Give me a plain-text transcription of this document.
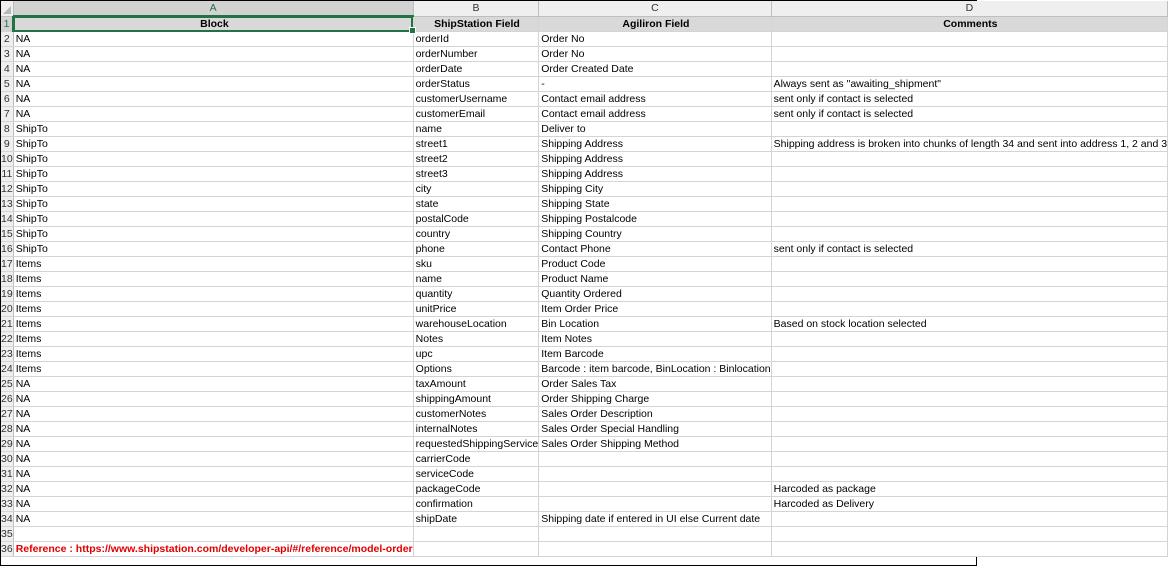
	A	B	C	D
1	Block	ShipStation Field	Agiliron Field	Comments
2	NA	orderId	Order No	
3	NA	orderNumber	Order No	
4	NA	orderDate	Order Created Date	
5	NA	orderStatus	-	Always sent as "awaiting_shipment"
6	NA	customerUsername	Contact email address	sent only if contact is selected
7	NA	customerEmail	Contact email address	sent only if contact is selected
8	ShipTo	name	Deliver to	
9	ShipTo	street1	Shipping Address	Shipping address is broken into chunks of length 34 and sent into address 1, 2 and 3
10	ShipTo	street2	Shipping Address	
11	ShipTo	street3	Shipping Address	
12	ShipTo	city	Shipping City	
13	ShipTo	state	Shipping State	
14	ShipTo	postalCode	Shipping Postalcode	
15	ShipTo	country	Shipping Country	
16	ShipTo	phone	Contact Phone	sent only if contact is selected
17	Items	sku	Product Code	
18	Items	name	Product Name	
19	Items	quantity	Quantity Ordered	
20	Items	unitPrice	Item Order Price	
21	Items	warehouseLocation	Bin Location	Based on stock location selected
22	Items	Notes	Item Notes	
23	Items	upc	Item Barcode	
24	Items	Options	Barcode : item barcode, BinLocation : Binlocation	
25	NA	taxAmount	Order Sales Tax	
26	NA	shippingAmount	Order Shipping Charge	
27	NA	customerNotes	Sales Order Description	
28	NA	internalNotes	Sales Order Special Handling	
29	NA	requestedShippingService	Sales Order Shipping Method	
30	NA	carrierCode		
31	NA	serviceCode		
32	NA	packageCode		Harcoded as package
33	NA	confirmation		Harcoded as Delivery
34	NA	shipDate	Shipping date if entered in UI else Current date	
35				
36	Reference : https://www.shipstation.com/developer-api/#/reference/model-order			
